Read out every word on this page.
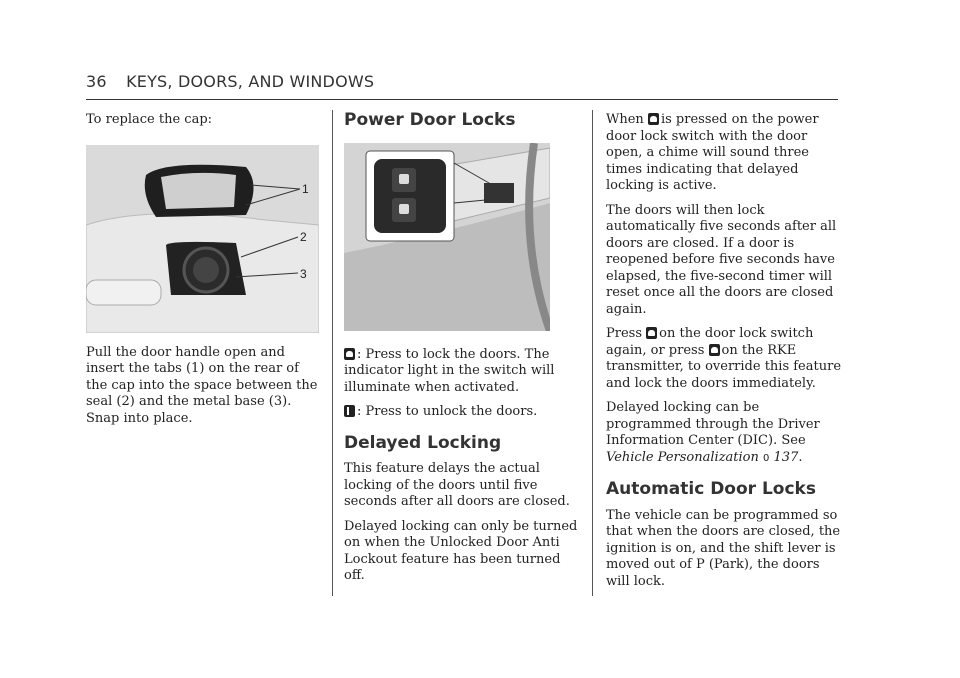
36 KEYS, DOORS, AND WINDOWS

To replace the cap:

1
2
3

Pull the door handle open and insert the tabs (1) on the rear of the cap into the space between the seal (2) and the metal base (3). Snap into place.

Power Door Locks

: Press to lock the doors. The indicator light in the switch will illuminate when activated.

: Press to unlock the doors.

Delayed Locking

This feature delays the actual locking of the doors until five seconds after all doors are closed.

Delayed locking can only be turned on when the Unlocked Door Anti Lockout feature has been turned off.

When is pressed on the power door lock switch with the door open, a chime will sound three times indicating that delayed locking is active.

The doors will then lock automatically five seconds after all doors are closed. If a door is reopened before five seconds have elapsed, the five-second timer will reset once all the doors are closed again.

Press on the door lock switch again, or press on the RKE transmitter, to override this feature and lock the doors immediately.

Delayed locking can be programmed through the Driver Information Center (DIC). See Vehicle Personalization 0 137.

Automatic Door Locks

The vehicle can be programmed so that when the doors are closed, the ignition is on, and the shift lever is moved out of P (Park), the doors will lock.
